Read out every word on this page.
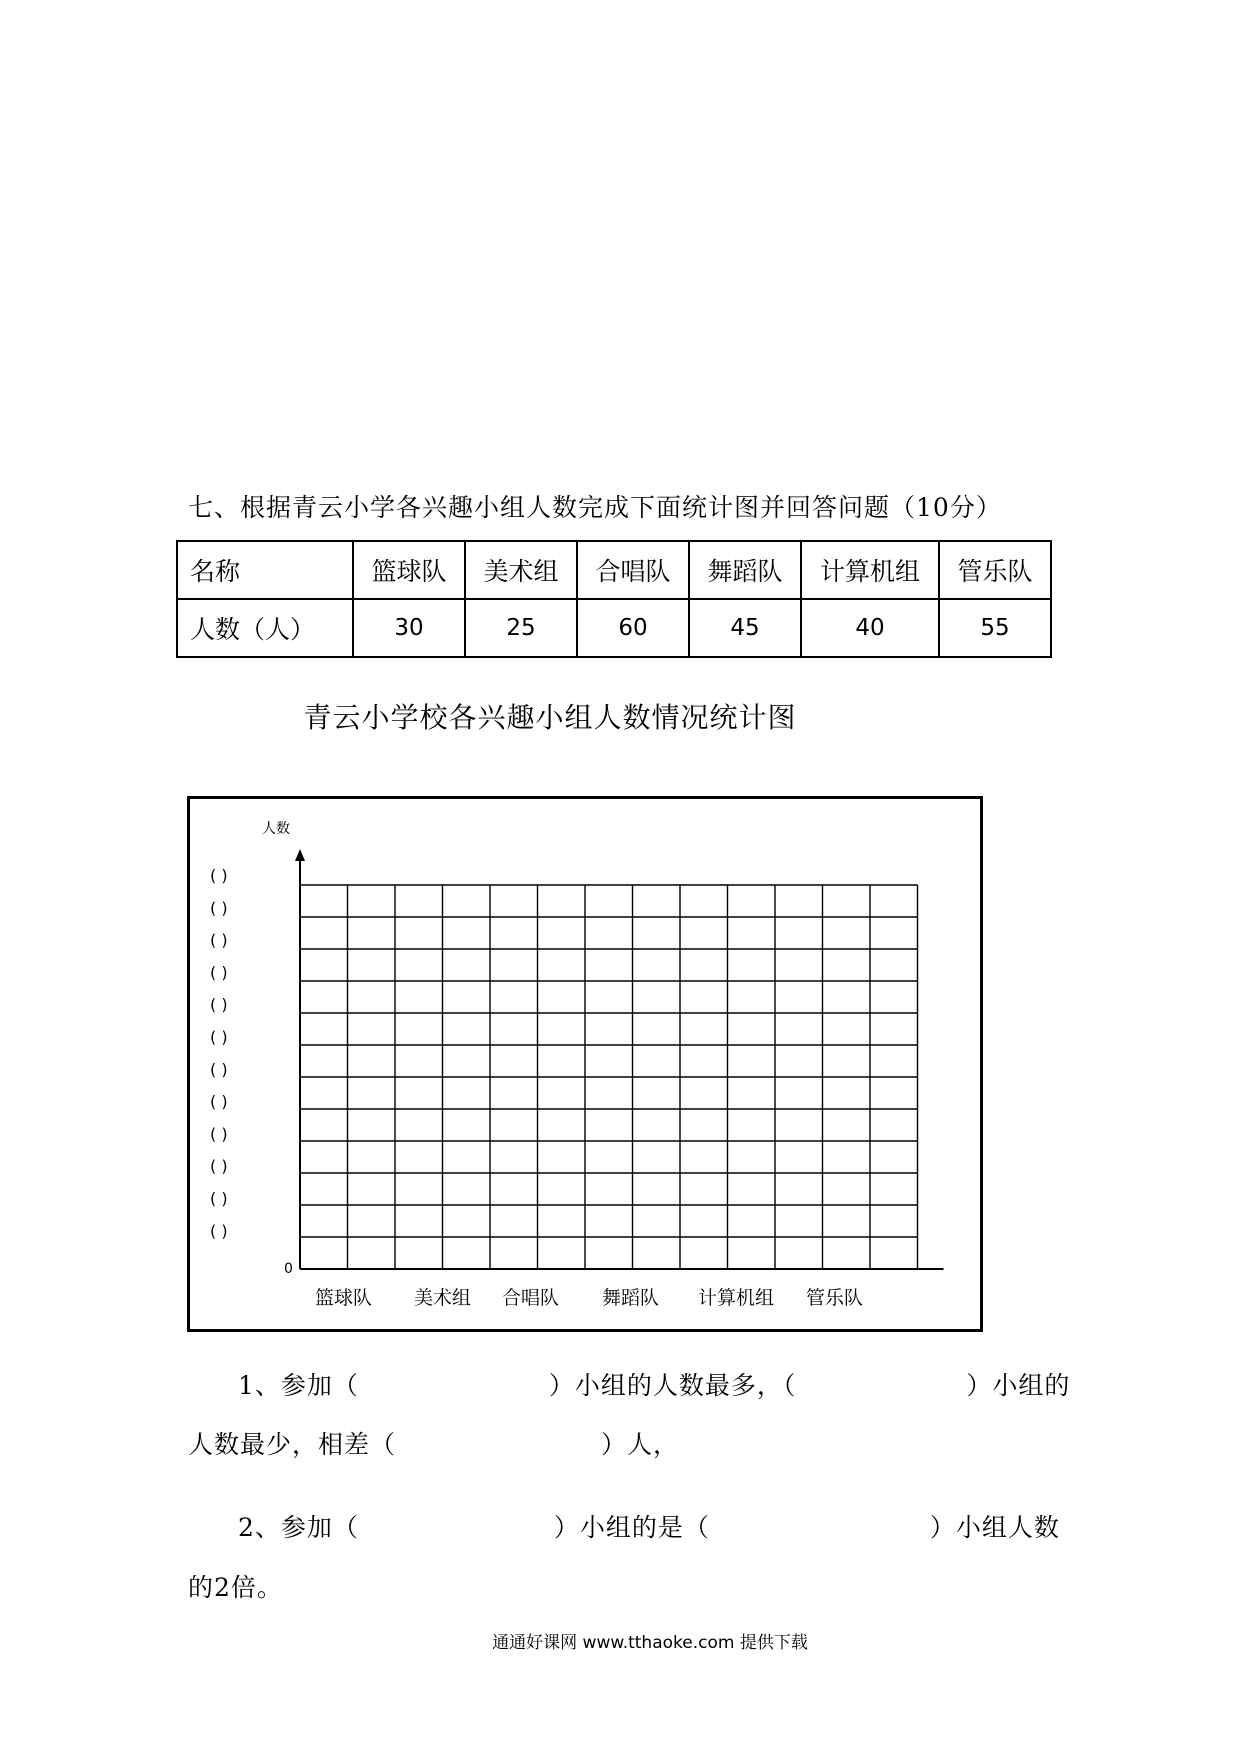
七、根据青云小学各兴趣小组人数完成下面统计图并回答问题（10分）
名称	篮球队	美术组	合唱队	舞蹈队	计算机组	管乐队
人数（人）	30	25	60	45	40	55
青云小学校各兴趣小组人数情况统计图
人数
0
( )
( )
( )
( )
( )
( )
( )
( )
( )
( )
( )
( )
篮球队 美术组 合唱队 舞蹈队 计算机组 管乐队
1、参加（	）小组的人数最多，（	）小组的
人数最少，相差（	）人，
2、参加（	）小组的是（	）小组人数
的2倍。
通通好课网 www.tthaoke.com 提供下载
